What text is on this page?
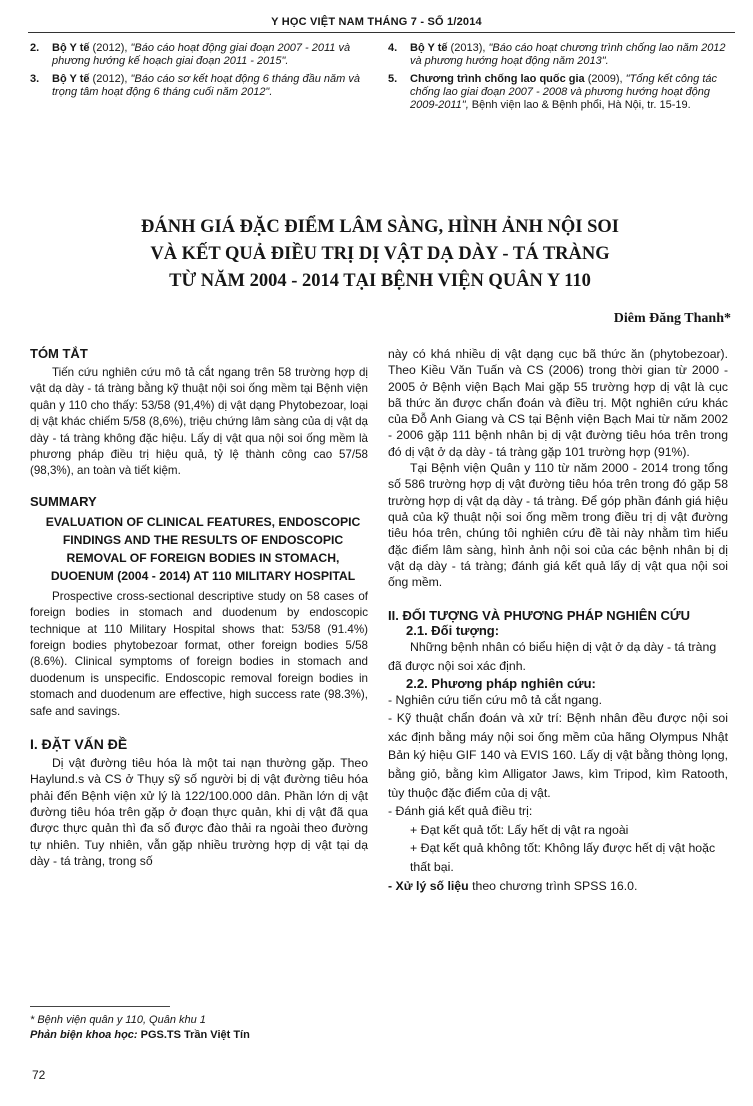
Y HỌC VIỆT NAM THÁNG 7 - SỐ 1/2014
2. Bộ Y tế (2012), "Báo cáo hoạt động giai đoạn 2007 - 2011 và phương hướng kế hoạch giai đoạn 2011 - 2015".
3. Bộ Y tế (2012), "Báo cáo sơ kết hoạt động 6 tháng đầu năm và trọng tâm hoạt động 6 tháng cuối năm 2012".
4. Bộ Y tế (2013), "Báo cáo hoạt chương trình chống lao năm 2012 và phương hướng hoạt động năm 2013".
5. Chương trình chống lao quốc gia (2009), "Tổng kết công tác chống lao giai đoạn 2007 - 2008 và phương hướng hoạt động 2009-2011", Bệnh viện lao & Bệnh phổi, Hà Nội, tr. 15-19.
ĐÁNH GIÁ ĐẶC ĐIỂM LÂM SÀNG, HÌNH ẢNH NỘI SOI
VÀ KẾT QUẢ ĐIỀU TRỊ DỊ VẬT DẠ DÀY - TÁ TRÀNG
TỪ NĂM 2004 - 2014 TẠI BỆNH VIỆN QUÂN Y 110
Diêm Đăng Thanh*

TÓM TẮT

Tiến cứu nghiên cứu mô tả cắt ngang trên 58 trường hợp dị vật dạ dày - tá tràng bằng kỹ thuật nội soi ống mềm tại Bệnh viện quân y 110 cho thấy: 53/58 (91,4%) dị vật dạng Phytobezoar, loại dị vật khác chiếm 5/58 (8,6%), triệu chứng lâm sàng của dị vật dạ dày - tá tràng không đặc hiệu. Lấy dị vật qua nội soi ống mềm là phương pháp điều trị hiệu quả, tỷ lệ thành công cao 57/58 (98,3%), an toàn và tiết kiệm.

SUMMARY

EVALUATION OF CLINICAL FEATURES, ENDOSCOPIC FINDINGS AND THE RESULTS OF ENDOSCOPIC REMOVAL OF FOREIGN BODIES IN STOMACH, DUOENUM (2004 - 2014) AT 110 MILITARY HOSPITAL

Prospective cross-sectional descriptive study on 58 cases of foreign bodies in stomach and duodenum by endoscopic technique at 110 Military Hospital shows that: 53/58 (91.4%) foreign bodies phytobezoar format, other foreign bodies 5/58 (8.6%). Clinical symptoms of foreign bodies in stomach and duodenum is unspecific. Endoscopic removal foreign bodies in stomach and duodenum are effective, high success rate (98.3%), safe and savings.

I. ĐẶT VẤN ĐỀ

Dị vật đường tiêu hóa là một tai nạn thường gặp. Theo Haylund.s và CS ở Thụy sỹ số người bị dị vật đường tiêu hóa phải đến Bệnh viện xử lý là 122/100.000 dân. Phần lớn dị vật đường tiêu hóa trên gặp ở đoạn thực quản, khi dị vật đã qua được thực quản thì đa số được đào thải ra ngoài theo đường tự nhiên. Tuy nhiên, vẫn gặp nhiều trường hợp dị vật tại dạ dày - tá tràng, trong số

này có khá nhiều dị vật dạng cục bã thức ăn (phytobezoar). Theo Kiều Văn Tuấn và CS (2006) trong thời gian từ 2000 - 2005 ở Bệnh viện Bạch Mai gặp 55 trường hợp dị vật là cục bã thức ăn được chẩn đoán và điều trị. Một nghiên cứu khác của Đỗ Anh Giang và CS tại Bệnh viện Bạch Mai từ năm 2002 - 2006 gặp 111 bệnh nhân bị dị vật đường tiêu hóa trên trong đó dị vật ở dạ dày - tá tràng gặp 101 trường hợp (91%).

Tại Bệnh viện Quân y 110 từ năm 2000 - 2014 trong tổng số 586 trường hợp dị vật đường tiêu hóa trên trong đó gặp 58 trường hợp dị vật dạ dày - tá tràng. Để góp phần đánh giá hiệu quả của kỹ thuật nội soi ống mềm trong điều trị dị vật đường tiêu hóa trên, chúng tôi nghiên cứu đề tài này nhằm tìm hiểu đặc điểm lâm sàng, hình ảnh nội soi của các bệnh nhân bị dị vật dạ dày - tá tràng; đánh giá kết quả lấy dị vật qua nội soi ống mềm.

II. ĐỐI TƯỢNG VÀ PHƯƠNG PHÁP NGHIÊN CỨU

2.1. Đối tượng:

Những bệnh nhân có biểu hiện dị vật ở dạ dày - tá tràng đã được nội soi xác định.

2.2. Phương pháp nghiên cứu:

- Nghiên cứu tiến cứu mô tả cắt ngang.

- Kỹ thuật chẩn đoán và xử trí: Bệnh nhân đều được nội soi xác định bằng máy nội soi ống mềm của hãng Olympus Nhật Bản ký hiệu GIF 140 và EVIS 160. Lấy dị vật bằng thòng lọng, bằng giỏ, bằng kìm Alligator Jaws, kìm Tripod, kìm Ratooth, tùy thuộc đặc điểm của dị vật.

- Đánh giá kết quả điều trị:

+ Đạt kết quả tốt: Lấy hết dị vật ra ngoài

+ Đạt kết quả không tốt: Không lấy được hết dị vật hoặc thất bại.

- Xử lý số liệu theo chương trình SPSS 16.0.

* Bệnh viện quân y 110, Quân khu 1
Phản biện khoa học: PGS.TS Trần Việt Tín
72
